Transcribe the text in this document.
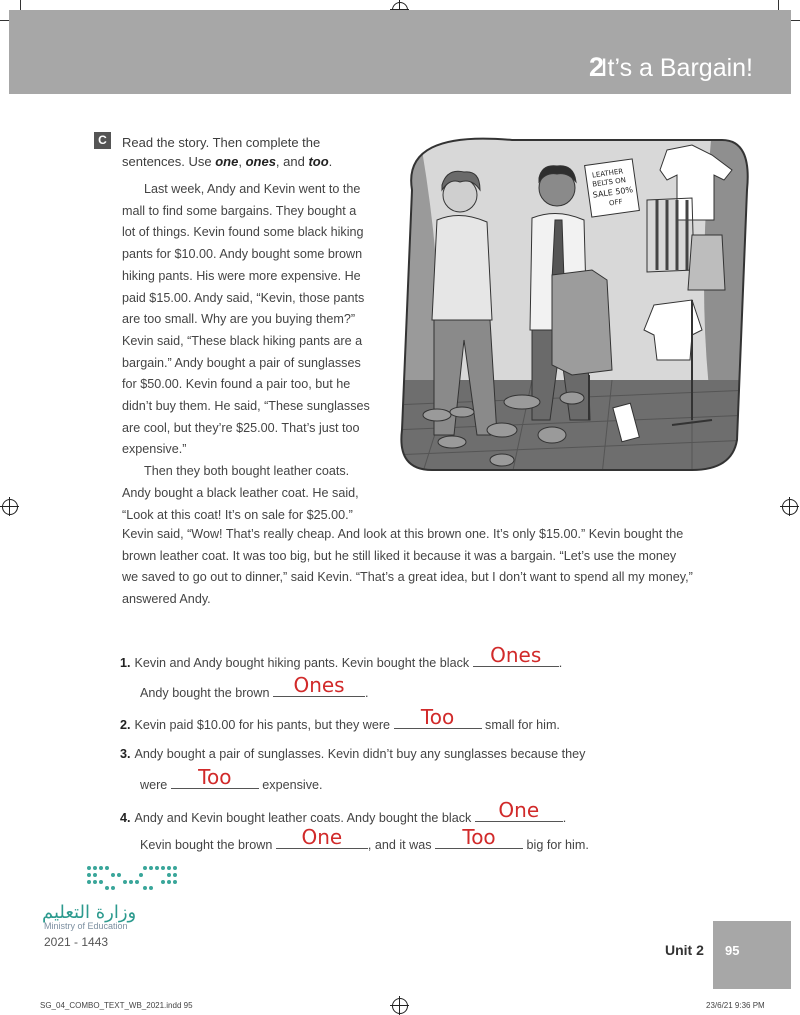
2
It’s a Bargain!
C	Read the story. Then complete the
sentences. Use one, ones, and too.

Last week, Andy and Kevin went to the

mall to find some bargains. They bought a

lot of things. Kevin found some black hiking

pants for $10.00. Andy bought some brown

hiking pants. His were more expensive. He

paid $15.00. Andy said, “Kevin, those pants

are too small. Why are you buying them?”

Kevin said, “These black hiking pants are a

bargain.” Andy bought a pair of sunglasses

for $50.00. Kevin found a pair too, but he

didn’t buy them. He said, “These sunglasses

are cool, but they’re $25.00. That’s just too

expensive.”

Then they both bought leather coats.

Andy bought a black leather coat. He said,

“Look at this coat! It’s on sale for $25.00.”

Kevin said, “Wow! That’s really cheap. And look at this brown one. It’s only $15.00.” Kevin bought the

brown leather coat. It was too big, but he still liked it because it was a bargain. “Let’s use the money

we saved to go out to dinner,” said Kevin. “That’s a great idea, but I don’t want to spend all my money,”

answered Andy.

LEATHER
BELTS ON
SALE 50%
OFF
1. Kevin and Andy bought hiking pants. Kevin bought the black Ones	.
Andy bought the brown	Ones	.
2. Kevin paid $10.00 for his pants, but they were	Too	small for him.
3. Andy bought a pair of sunglasses. Kevin didn’t buy any sunglasses because they
were	Too	expensive.
4. Andy and Kevin bought leather coats. Andy bought the black	One	.
Kevin bought the brown	One	, and it was	Too	big for him.
وزارة التعليم
Ministry of Education
2021 - 1443	Unit 2 95
SG_04_COMBO_TEXT_WB_2021.indd 95	23/6/21 9:36 PM
